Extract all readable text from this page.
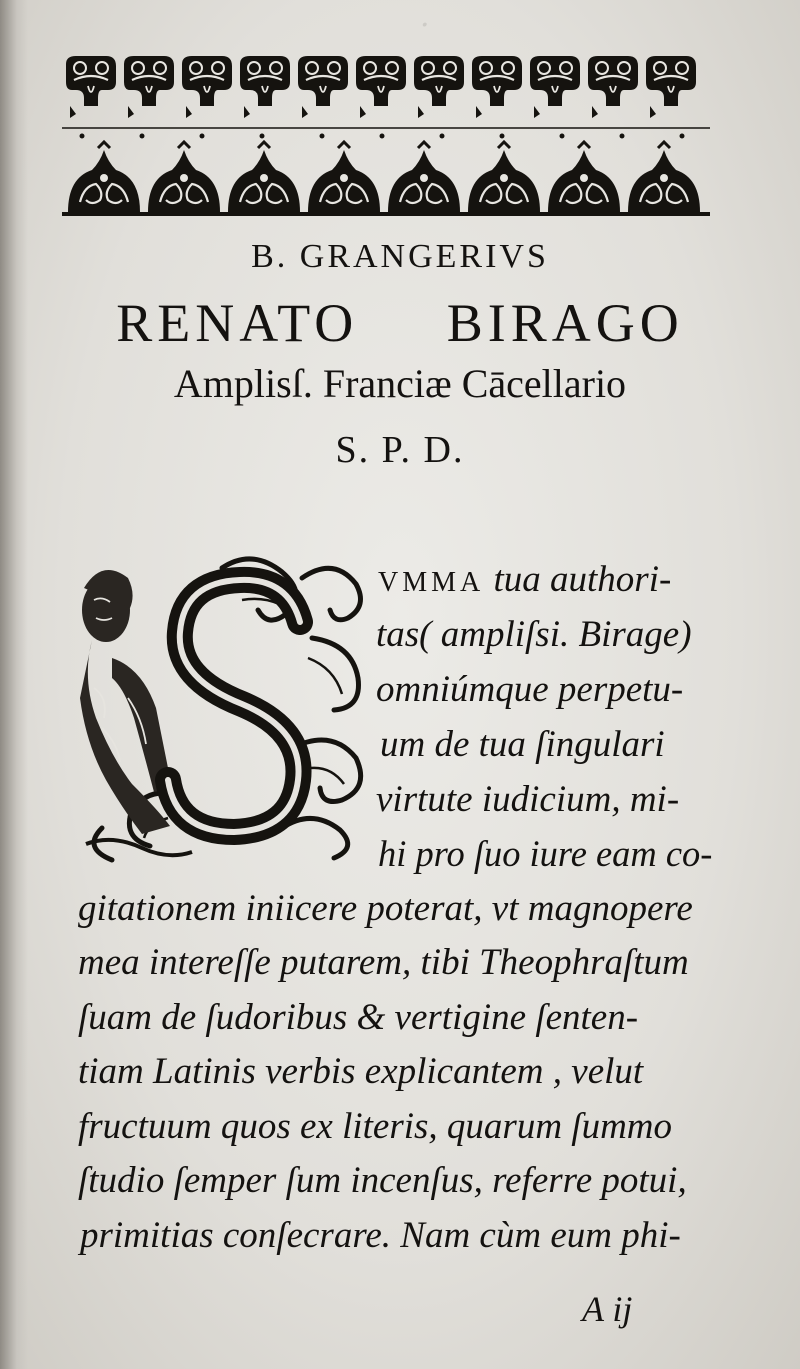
·
B. GRANGERIVS
RENATO BIRAGO
Amplisſ. Franciæ Cācellario
S. P. D.
VMMA tua authori-
tas( ampliſsi. Birage)
omniúmque perpetu-
um de tua ſingulari
virtute iudicium, mi-
hi pro ſuo iure eam co-
gitationem iniicere poterat, vt magnopere
mea intereſſe putarem, tibi Theophraſtum
ſuam de ſudoribus & vertigine ſenten-
tiam Latinis verbis explicantem , velut
fructuum quos ex literis, quarum ſummo
ſtudio ſemper ſum incenſus, referre potui,
primitias conſecrare. Nam cùm eum phi-
A ij
